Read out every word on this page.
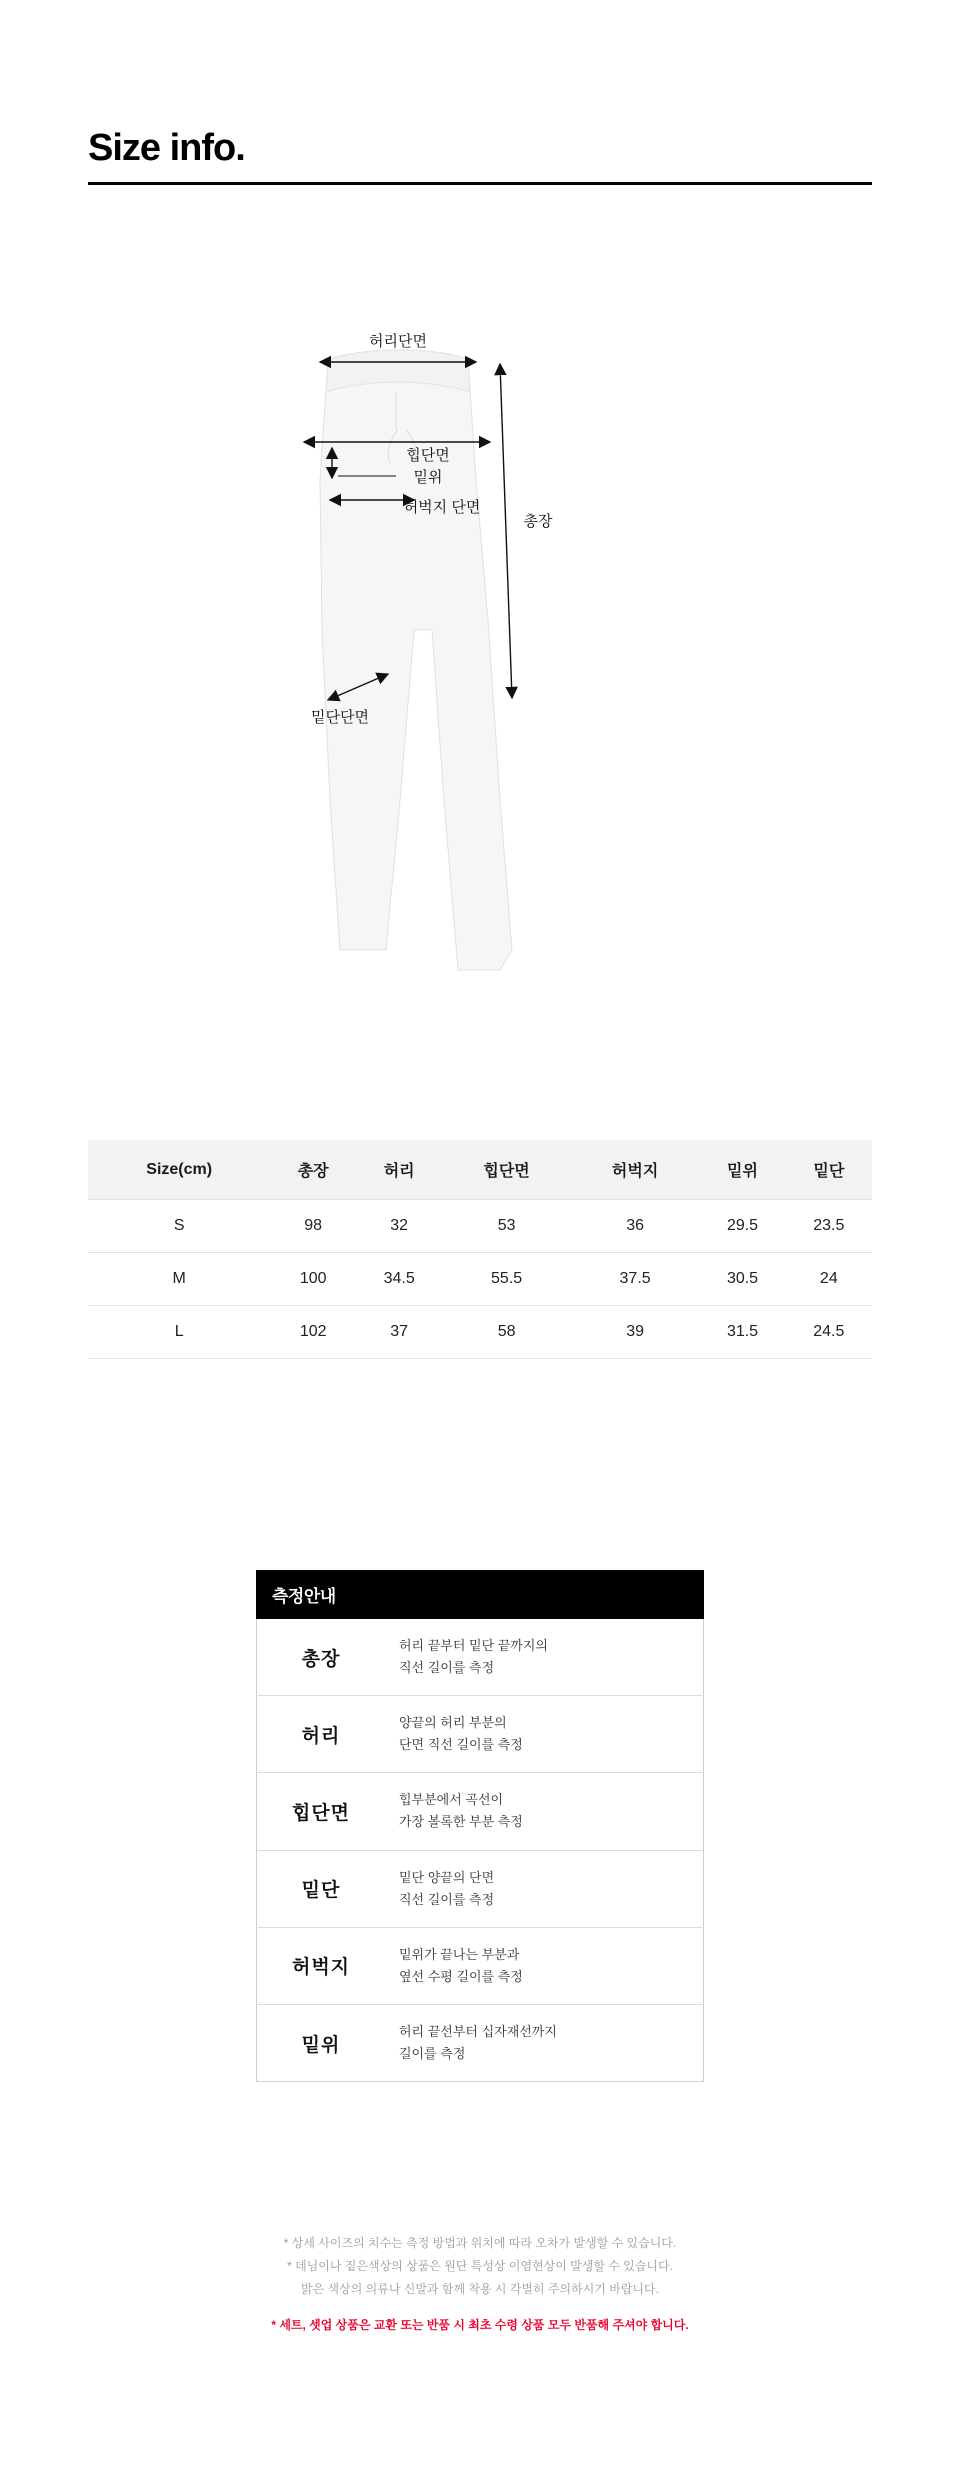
Size info.
허리단면
힙단면
밑위
허벅지 단면
총장
밑단단면
Size(cm)	총장	허리	힙단면	허벅지	밑위	밑단
S	98	32	53	36	29.5	23.5
M	100	34.5	55.5	37.5	30.5	24
L	102	37	58	39	31.5	24.5
측정안내
총장	허리 끝부터 밑단 끝까지의
직선 길이를 측정

허리	양끝의 허리 부분의
단면 직선 길이를 측정

힙단면	힙부분에서 곡선이
가장 볼록한 부분 측정

밑단	밑단 양끝의 단면
직선 길이를 측정

허벅지	밑위가 끝나는 부분과
옆선 수평 길이를 측정

밑위	허리 끝선부터 십자재선까지
길이를 측정
* 상세 사이즈의 치수는 측정 방법과 위치에 따라 오차가 발생할 수 있습니다.
* 데님이나 짙은색상의 상품은 원단 특성상 이염현상이 발생할 수 있습니다.
밝은 색상의 의류나 신발과 함께 착용 시 각별히 주의하시기 바랍니다.
* 세트, 셋업 상품은 교환 또는 반품 시 최초 수령 상품 모두 반품해 주셔야 합니다.
